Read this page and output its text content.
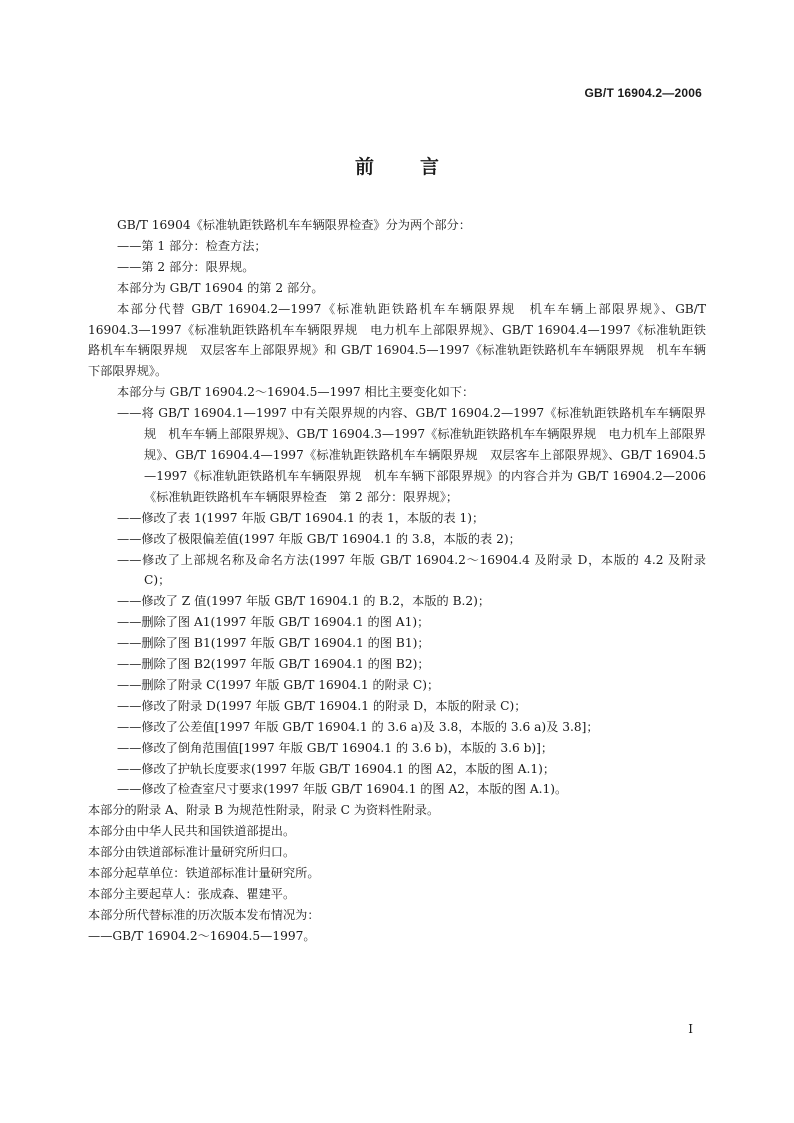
GB/T 16904.2—2006
前 言

GB/T 16904《标准轨距铁路机车车辆限界检查》分为两个部分：

——第 1 部分：检查方法；

——第 2 部分：限界规。

本部分为 GB/T 16904 的第 2 部分。

本部分代替 GB/T 16904.2—1997《标准轨距铁路机车车辆限界规　机车车辆上部限界规》、GB/T 16904.3—1997《标准轨距铁路机车车辆限界规　电力机车上部限界规》、GB/T 16904.4—1997《标准轨距铁路机车车辆限界规　双层客车上部限界规》和 GB/T 16904.5—1997《标准轨距铁路机车车辆限界规　机车车辆下部限界规》。

本部分与 GB/T 16904.2～16904.5—1997 相比主要变化如下：

——将 GB/T 16904.1—1997 中有关限界规的内容、GB/T 16904.2—1997《标准轨距铁路机车车辆限界规　机车车辆上部限界规》、GB/T 16904.3—1997《标准轨距铁路机车车辆限界规　电力机车上部限界规》、GB/T 16904.4—1997《标准轨距铁路机车车辆限界规　双层客车上部限界规》、GB/T 16904.5—1997《标准轨距铁路机车车辆限界规　机车车辆下部限界规》的内容合并为 GB/T 16904.2—2006《标准轨距铁路机车车辆限界检查　第 2 部分：限界规》；

——修改了表 1(1997 年版 GB/T 16904.1 的表 1，本版的表 1)；

——修改了极限偏差值(1997 年版 GB/T 16904.1 的 3.8，本版的表 2)；

——修改了上部规名称及命名方法(1997 年版 GB/T 16904.2～16904.4 及附录 D，本版的 4.2 及附录 C)；

——修改了 Z 值(1997 年版 GB/T 16904.1 的 B.2，本版的 B.2)；

——删除了图 A1(1997 年版 GB/T 16904.1 的图 A1)；

——删除了图 B1(1997 年版 GB/T 16904.1 的图 B1)；

——删除了图 B2(1997 年版 GB/T 16904.1 的图 B2)；

——删除了附录 C(1997 年版 GB/T 16904.1 的附录 C)；

——修改了附录 D(1997 年版 GB/T 16904.1 的附录 D，本版的附录 C)；

——修改了公差值[1997 年版 GB/T 16904.1 的 3.6 a)及 3.8，本版的 3.6 a)及 3.8]；

——修改了倒角范围值[1997 年版 GB/T 16904.1 的 3.6 b)，本版的 3.6 b)]；

——修改了护轨长度要求(1997 年版 GB/T 16904.1 的图 A2，本版的图 A.1)；

——修改了检查室尺寸要求(1997 年版 GB/T 16904.1 的图 A2，本版的图 A.1)。

本部分的附录 A、附录 B 为规范性附录，附录 C 为资料性附录。

本部分由中华人民共和国铁道部提出。

本部分由铁道部标准计量研究所归口。

本部分起草单位：铁道部标准计量研究所。

本部分主要起草人：张成森、瞿建平。

本部分所代替标准的历次版本发布情况为：

——GB/T 16904.2～16904.5—1997。

I
